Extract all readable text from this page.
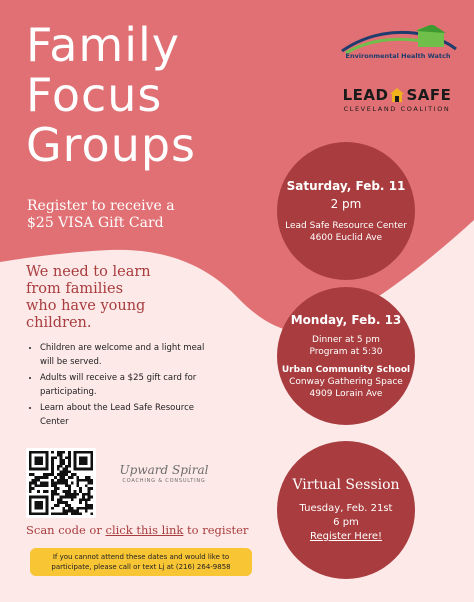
Family
Focus
Groups
Register to receive a
$25 VISA Gift Card
Environmental Health Watch
LEAD SAFE
CLEVELAND COALITION
Saturday, Feb. 11
2 pm
Lead Safe Resource Center
4600 Euclid Ave
Monday, Feb. 13
Dinner at 5 pm
Program at 5:30
Urban Community School
Conway Gathering Space
4909 Lorain Ave
Virtual Session
Tuesday, Feb. 21st
6 pm
Register Here!
We need to learn
from families
who have young
children.
• Children are welcome and a light meal will be served.
• Adults will receive a $25 gift card for participating.
• Learn about the Lead Safe Resource Center
Upward Spiral
COACHING & CONSULTING
Scan code or click this link to register
If you cannot attend these dates and would like to
participate, please call or text Lj at (216) 264-9858
